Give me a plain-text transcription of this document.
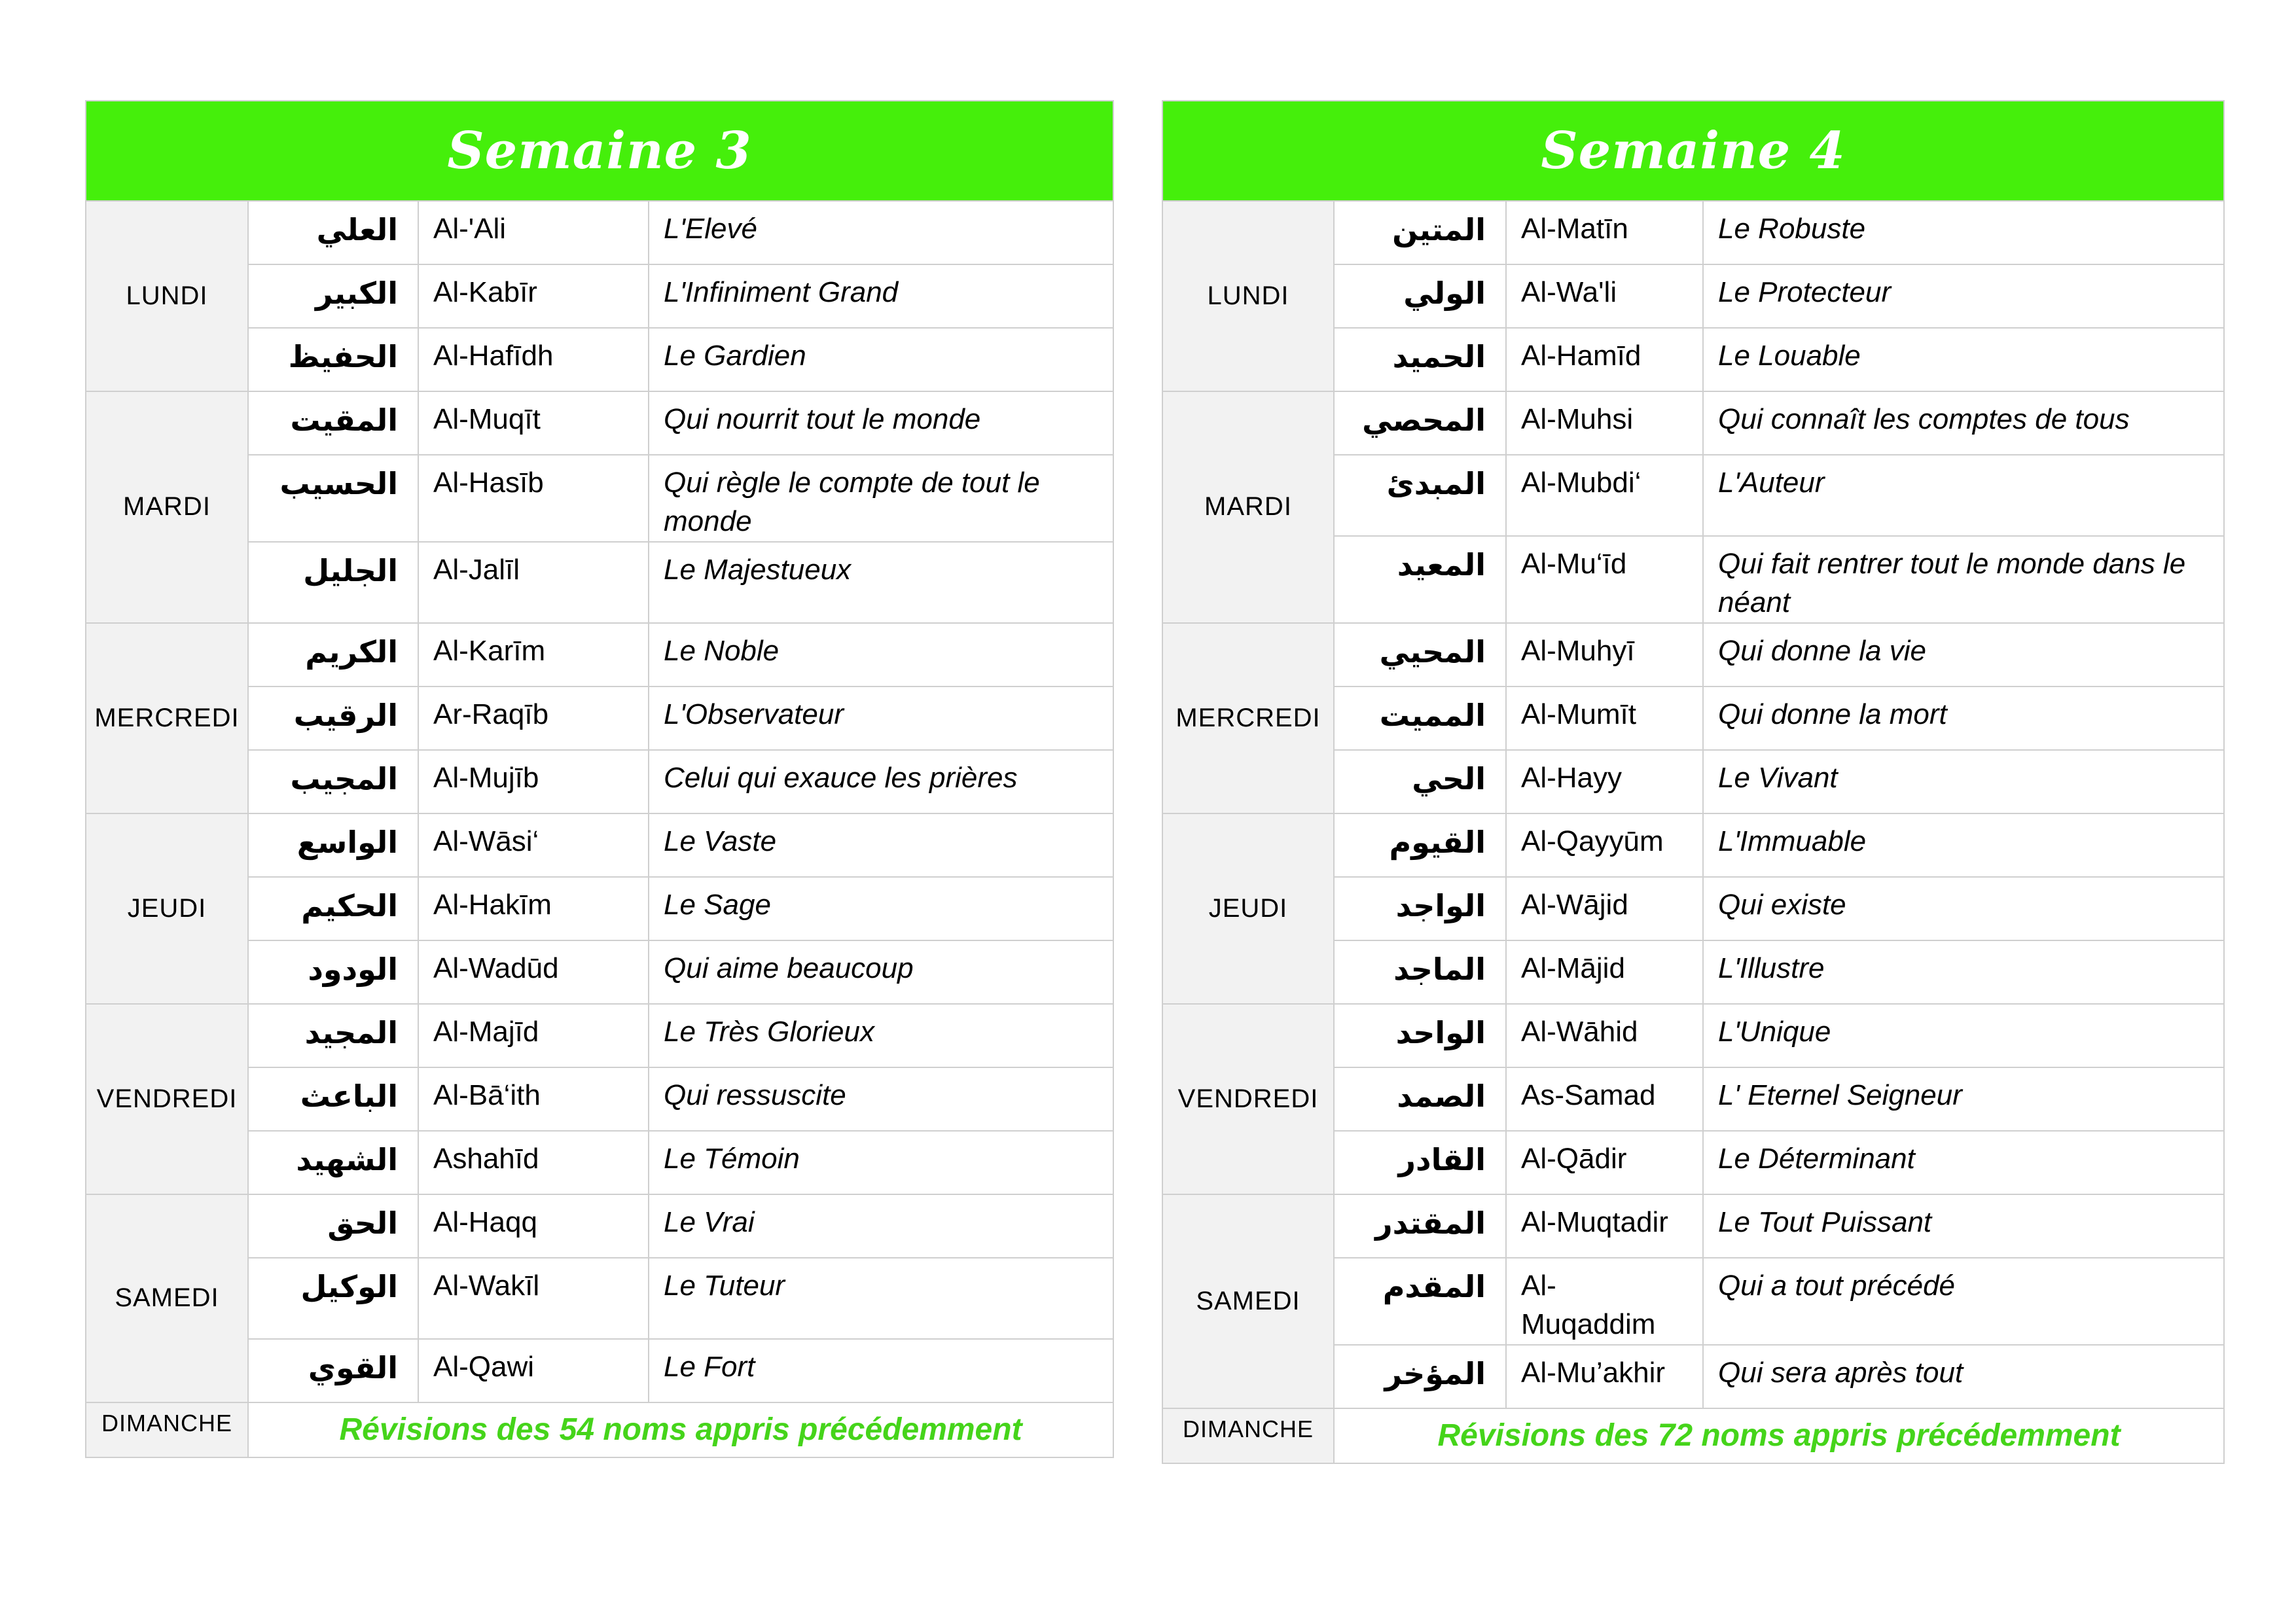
Semaine 3			
LUNDI	العلي	Al-'Ali	L'Elevé
	الكبير	Al-Kabīr	L'Infiniment Grand
	الحفيظ	Al-Hafīdh	Le Gardien
MARDI	المقيت	Al-Muqīt	Qui nourrit tout le monde
	الحسيب	Al-Hasīb	Qui règle le compte de tout le monde
	الجليل	Al-Jalīl	Le Majestueux
MERCREDI	الكريم	Al-Karīm	Le Noble
	الرقيب	Ar-Raqīb	L'Observateur
	المجيب	Al-Mujīb	Celui qui exauce les prières
JEUDI	الواسع	Al-Wāsi‘	Le Vaste
	الحكيم	Al-Hakīm	Le Sage
	الودود	Al-Wadūd	Qui aime beaucoup
VENDREDI	المجيد	Al-Majīd	Le Très Glorieux
	الباعث	Al-Bā‘ith	Qui ressuscite
	الشهيد	Ashahīd	Le Témoin
SAMEDI	الحق	Al-Haqq	Le Vrai
	الوكيل	Al-Wakīl	Le Tuteur
	القوي	Al-Qawi	Le Fort
DIMANCHE	Révisions des 54 noms appris précédemment		
Semaine 4			
LUNDI	المتين	Al-Matīn	Le Robuste
	الولي	Al-Wa'li	Le Protecteur
	الحميد	Al-Hamīd	Le Louable
MARDI	المحصي	Al-Muhsi	Qui connaît les comptes de tous
	المبدئ	Al-Mubdi‘	L'Auteur
	المعيد	Al-Mu‘īd	Qui fait rentrer tout le monde dans le néant
MERCREDI	المحيي	Al-Muhyī	Qui donne la vie
	المميت	Al-Mumīt	Qui donne la mort
	الحي	Al-Hayy	Le Vivant
JEUDI	القيوم	Al-Qayyūm	L'Immuable
	الواجد	Al-Wājid	Qui existe
	الماجد	Al-Mājid	L'Illustre
VENDREDI	الواحد	Al-Wāhid	L'Unique
	الصمد	As-Samad	L' Eternel Seigneur
	القادر	Al-Qādir	Le Déterminant
SAMEDI	المقتدر	Al-Muqtadir	Le Tout Puissant
	المقدم	Al-Muqaddim	Qui a tout précédé
	المؤخر	Al-Mu’akhir	Qui sera après tout
DIMANCHE	Révisions des 72 noms appris précédemment		
